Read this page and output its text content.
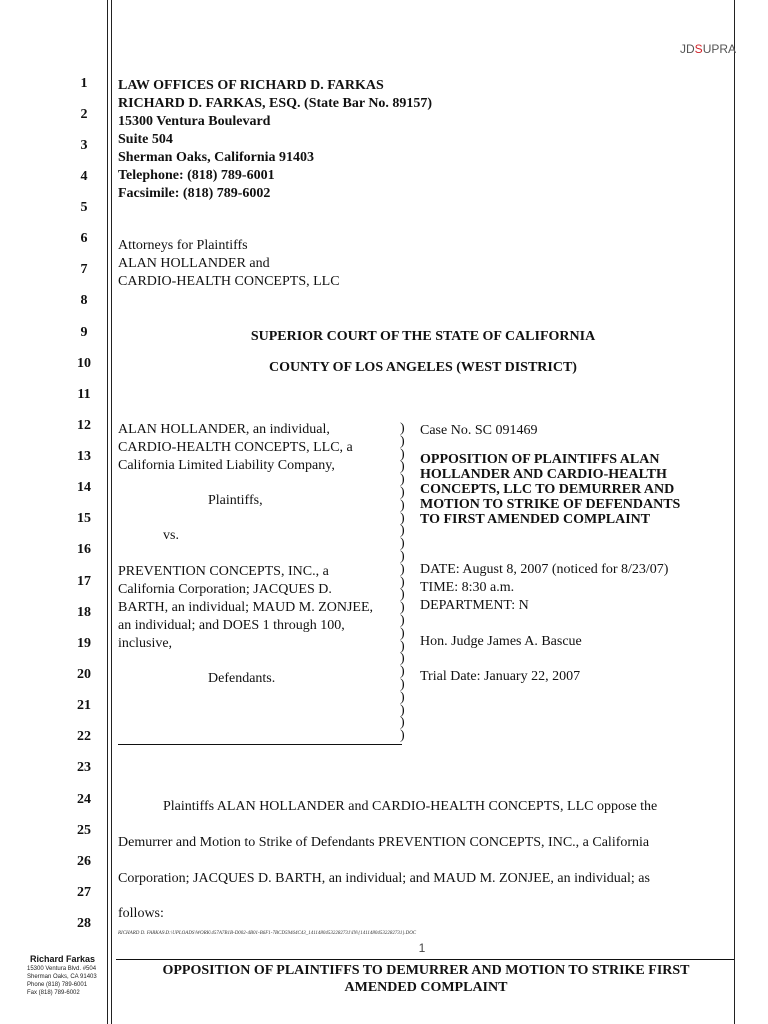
JDSUPRA
1
2
3
4
5
6
7
8
9
10
11
12
13
14
15
16
17
18
19
20
21
22
23
24
25
26
27
28
LAW OFFICES OF RICHARD D. FARKAS
RICHARD D. FARKAS, ESQ. (State Bar No. 89157)
15300 Ventura Boulevard
Suite 504
Sherman Oaks, California 91403
Telephone: (818) 789-6001
Facsimile: (818) 789-6002
Attorneys for Plaintiffs
ALAN HOLLANDER and
CARDIO-HEALTH CONCEPTS, LLC
SUPERIOR COURT OF THE STATE OF CALIFORNIA
COUNTY OF LOS ANGELES (WEST DISTRICT)
ALAN HOLLANDER, an individual,
CARDIO-HEALTH CONCEPTS, LLC, a
California Limited Liability Company,
Plaintiffs,
vs.
PREVENTION CONCEPTS, INC., a
California Corporation; JACQUES D.
BARTH, an individual; MAUD M. ZONJEE,
an individual; and DOES 1 through 100,
inclusive,
Defendants.
)
)
)
)
)
)
)
)
)
)
)
)
)
)
)
)
)
)
)
)
)
)
)
)
)
Case No. SC 091469
OPPOSITION OF PLAINTIFFS ALAN
HOLLANDER AND CARDIO-HEALTH
CONCEPTS, LLC TO DEMURRER AND
MOTION TO STRIKE OF DEFENDANTS
TO FIRST AMENDED COMPLAINT
DATE: August 8, 2007 (noticed for 8/23/07)
TIME: 8:30 a.m.
DEPARTMENT: N
Hon. Judge James A. Bascue
Trial Date: January 22, 2007
Plaintiffs ALAN HOLLANDER and CARDIO-HEALTH CONCEPTS, LLC oppose the
Demurrer and Motion to Strike of Defendants PREVENTION CONCEPTS, INC., a California
Corporation; JACQUES D. BARTH, an individual; and MAUD M. ZONJEE, an individual; as
follows:
RICHARD D. FARKAS\D:\UPLOADS\WORK\457A7B1B-D002-4B01-B6F1-7BCD59464C43_14114804532282731\IN\{14114804532282731}.DOC
1
OPPOSITION OF PLAINTIFFS TO DEMURRER AND MOTION TO STRIKE FIRST
AMENDED COMPLAINT
Richard Farkas
15300 Ventura Blvd. #504
Sherman Oaks, CA 91403
Phone (818) 789-6001
Fax (818) 789-6002
